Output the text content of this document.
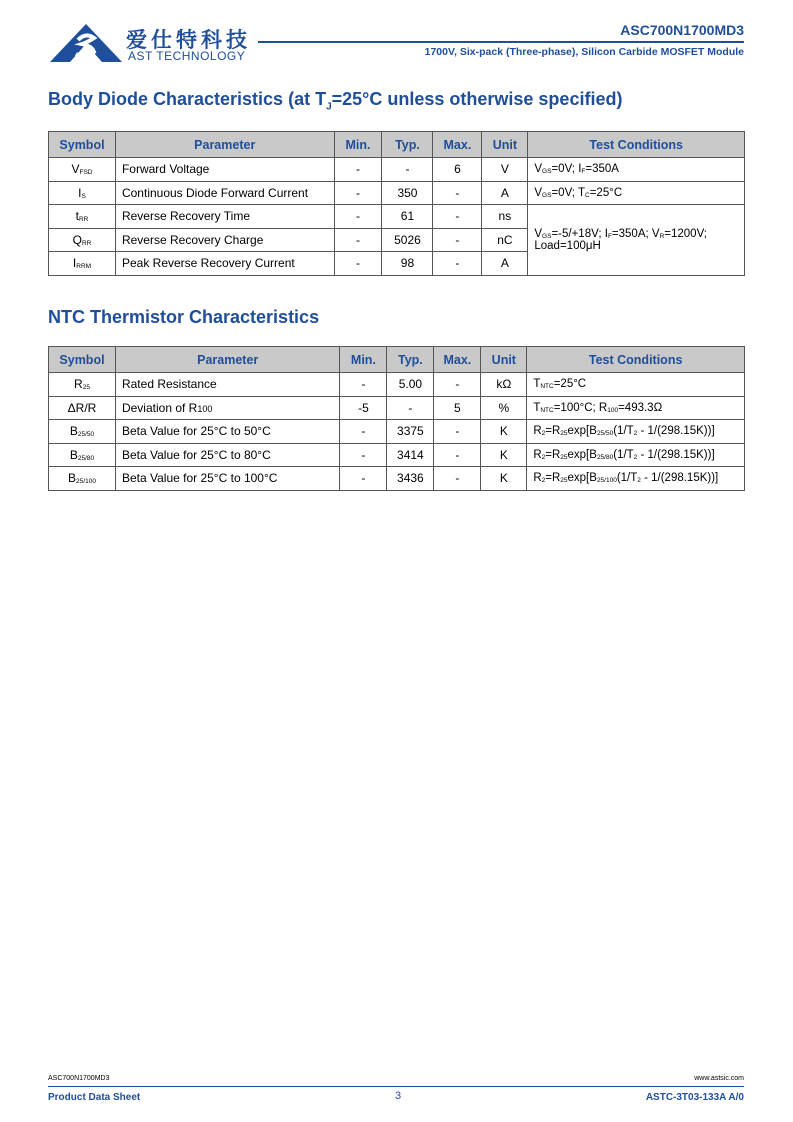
爱仕特科技
AST TECHNOLOGY
ASC700N1700MD3
1700V, Six-pack (Three-phase), Silicon Carbide MOSFET Module
Body Diode Characteristics (at $T_J=25^\circ C$ unless otherwise specified)
Symbol	Parameter	Min.	Typ.	Max.	Unit	Test Conditions
VFSD	Forward Voltage	-	-	6	V	VGS=0V; IF=350A
IS	Continuous Diode Forward Current	-	350	-	A	VGS=0V; TC=25°C
tRR	Reverse Recovery Time	-	61	-	ns	VGS=-5/+18V; IF=350A; VR=1200V;
Load=100μH
QRR	Reverse Recovery Charge	-	5026	-	nC	
IRRM	Peak Reverse Recovery Current	-	98	-	A	
NTC Thermistor Characteristics
Symbol	Parameter	Min.	Typ.	Max.	Unit	Test Conditions
R25	Rated Resistance	-	5.00	-	kΩ	TNTC=25°C
ΔR/R	Deviation of R100	-5	-	5	%	TNTC=100°C; R100=493.3Ω
B25/50	Beta Value for 25°C to 50°C	-	3375	-	K	R2=R25exp[B25/50(1/T2 - 1/(298.15K))]
B25/80	Beta Value for 25°C to 80°C	-	3414	-	K	R2=R25exp[B25/80(1/T2 - 1/(298.15K))]
B25/100	Beta Value for 25°C to 100°C	-	3436	-	K	R2=R25exp[B25/100(1/T2 - 1/(298.15K))]
ASC700N1700MD3	www.astsic.com
Product Data Sheet	3	ASTC-3T03-133A A/0
